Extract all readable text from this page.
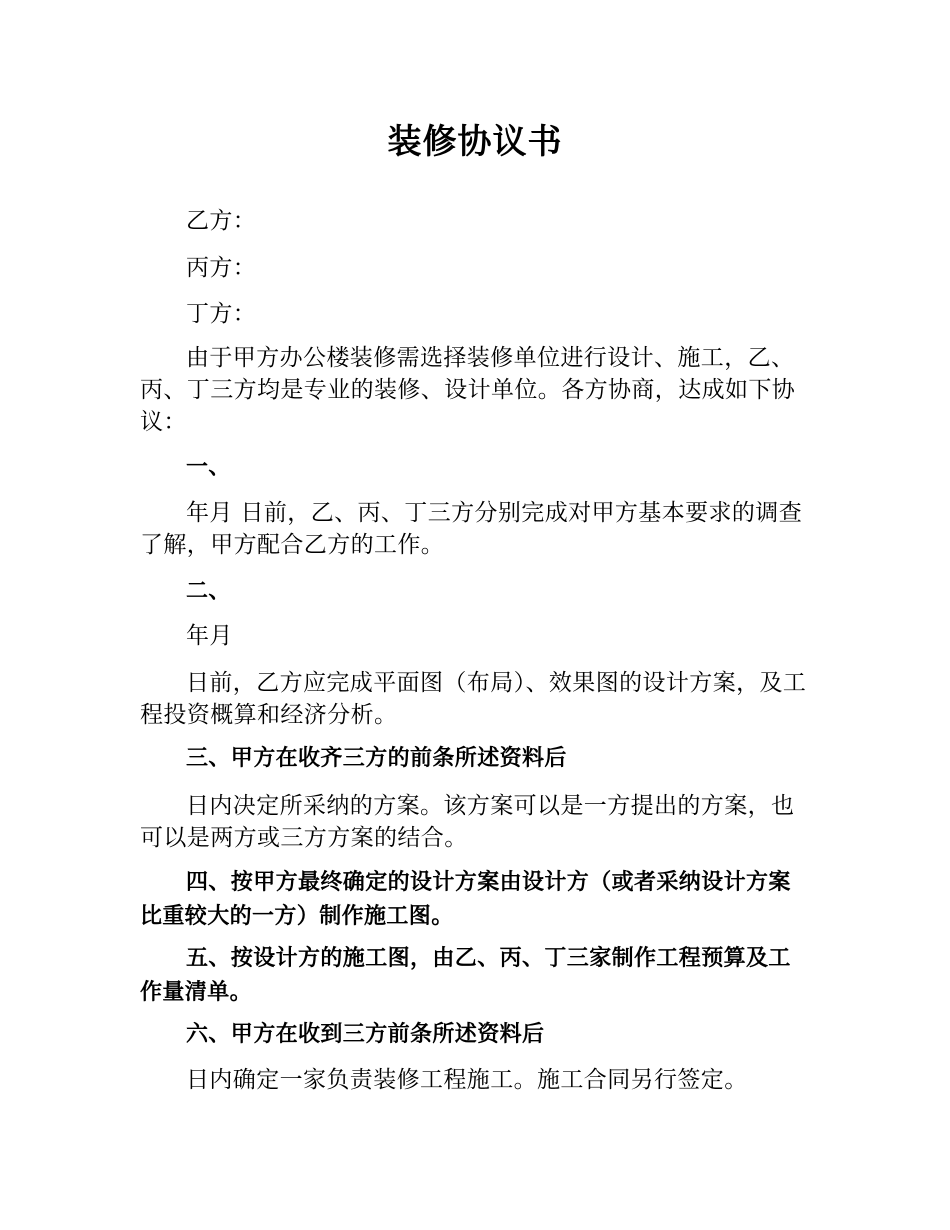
装修协议书

乙方：

丙方：

丁方：

由于甲方办公楼装修需选择装修单位进行设计、施工，乙、丙、丁三方均是专业的装修、设计单位。各方协商，达成如下协议：

一、

年月 日前，乙、丙、丁三方分别完成对甲方基本要求的调查了解，甲方配合乙方的工作。

二、

年月

日前，乙方应完成平面图（布局）、效果图的设计方案，及工程投资概算和经济分析。

三、甲方在收齐三方的前条所述资料后

日内决定所采纳的方案。该方案可以是一方提出的方案，也可以是两方或三方方案的结合。

四、按甲方最终确定的设计方案由设计方（或者采纳设计方案比重较大的一方）制作施工图。

五、按设计方的施工图，由乙、丙、丁三家制作工程预算及工作量清单。

六、甲方在收到三方前条所述资料后

日内确定一家负责装修工程施工。施工合同另行签定。
